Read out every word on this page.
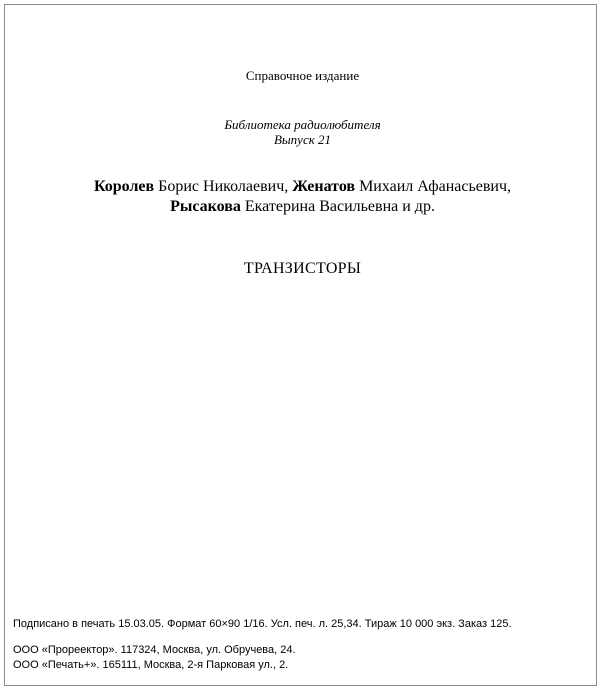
Справочное издание
Библиотека радиолюбителя
Выпуск 21
Королев Борис Николаевич, Женатов Михаил Афанасьевич,
Рысакова Екатерина Васильевна и др.
ТРАНЗИСТОРЫ
Подписано в печать 15.03.05. Формат 60×90 1/16. Усл. печ. л. 25,34. Тираж 10 000 экз. Заказ 125.
ООО «Прореектор». 117324, Москва, ул. Обручева, 24.
ООО «Печать+». 165111, Москва, 2-я Парковая ул., 2.
